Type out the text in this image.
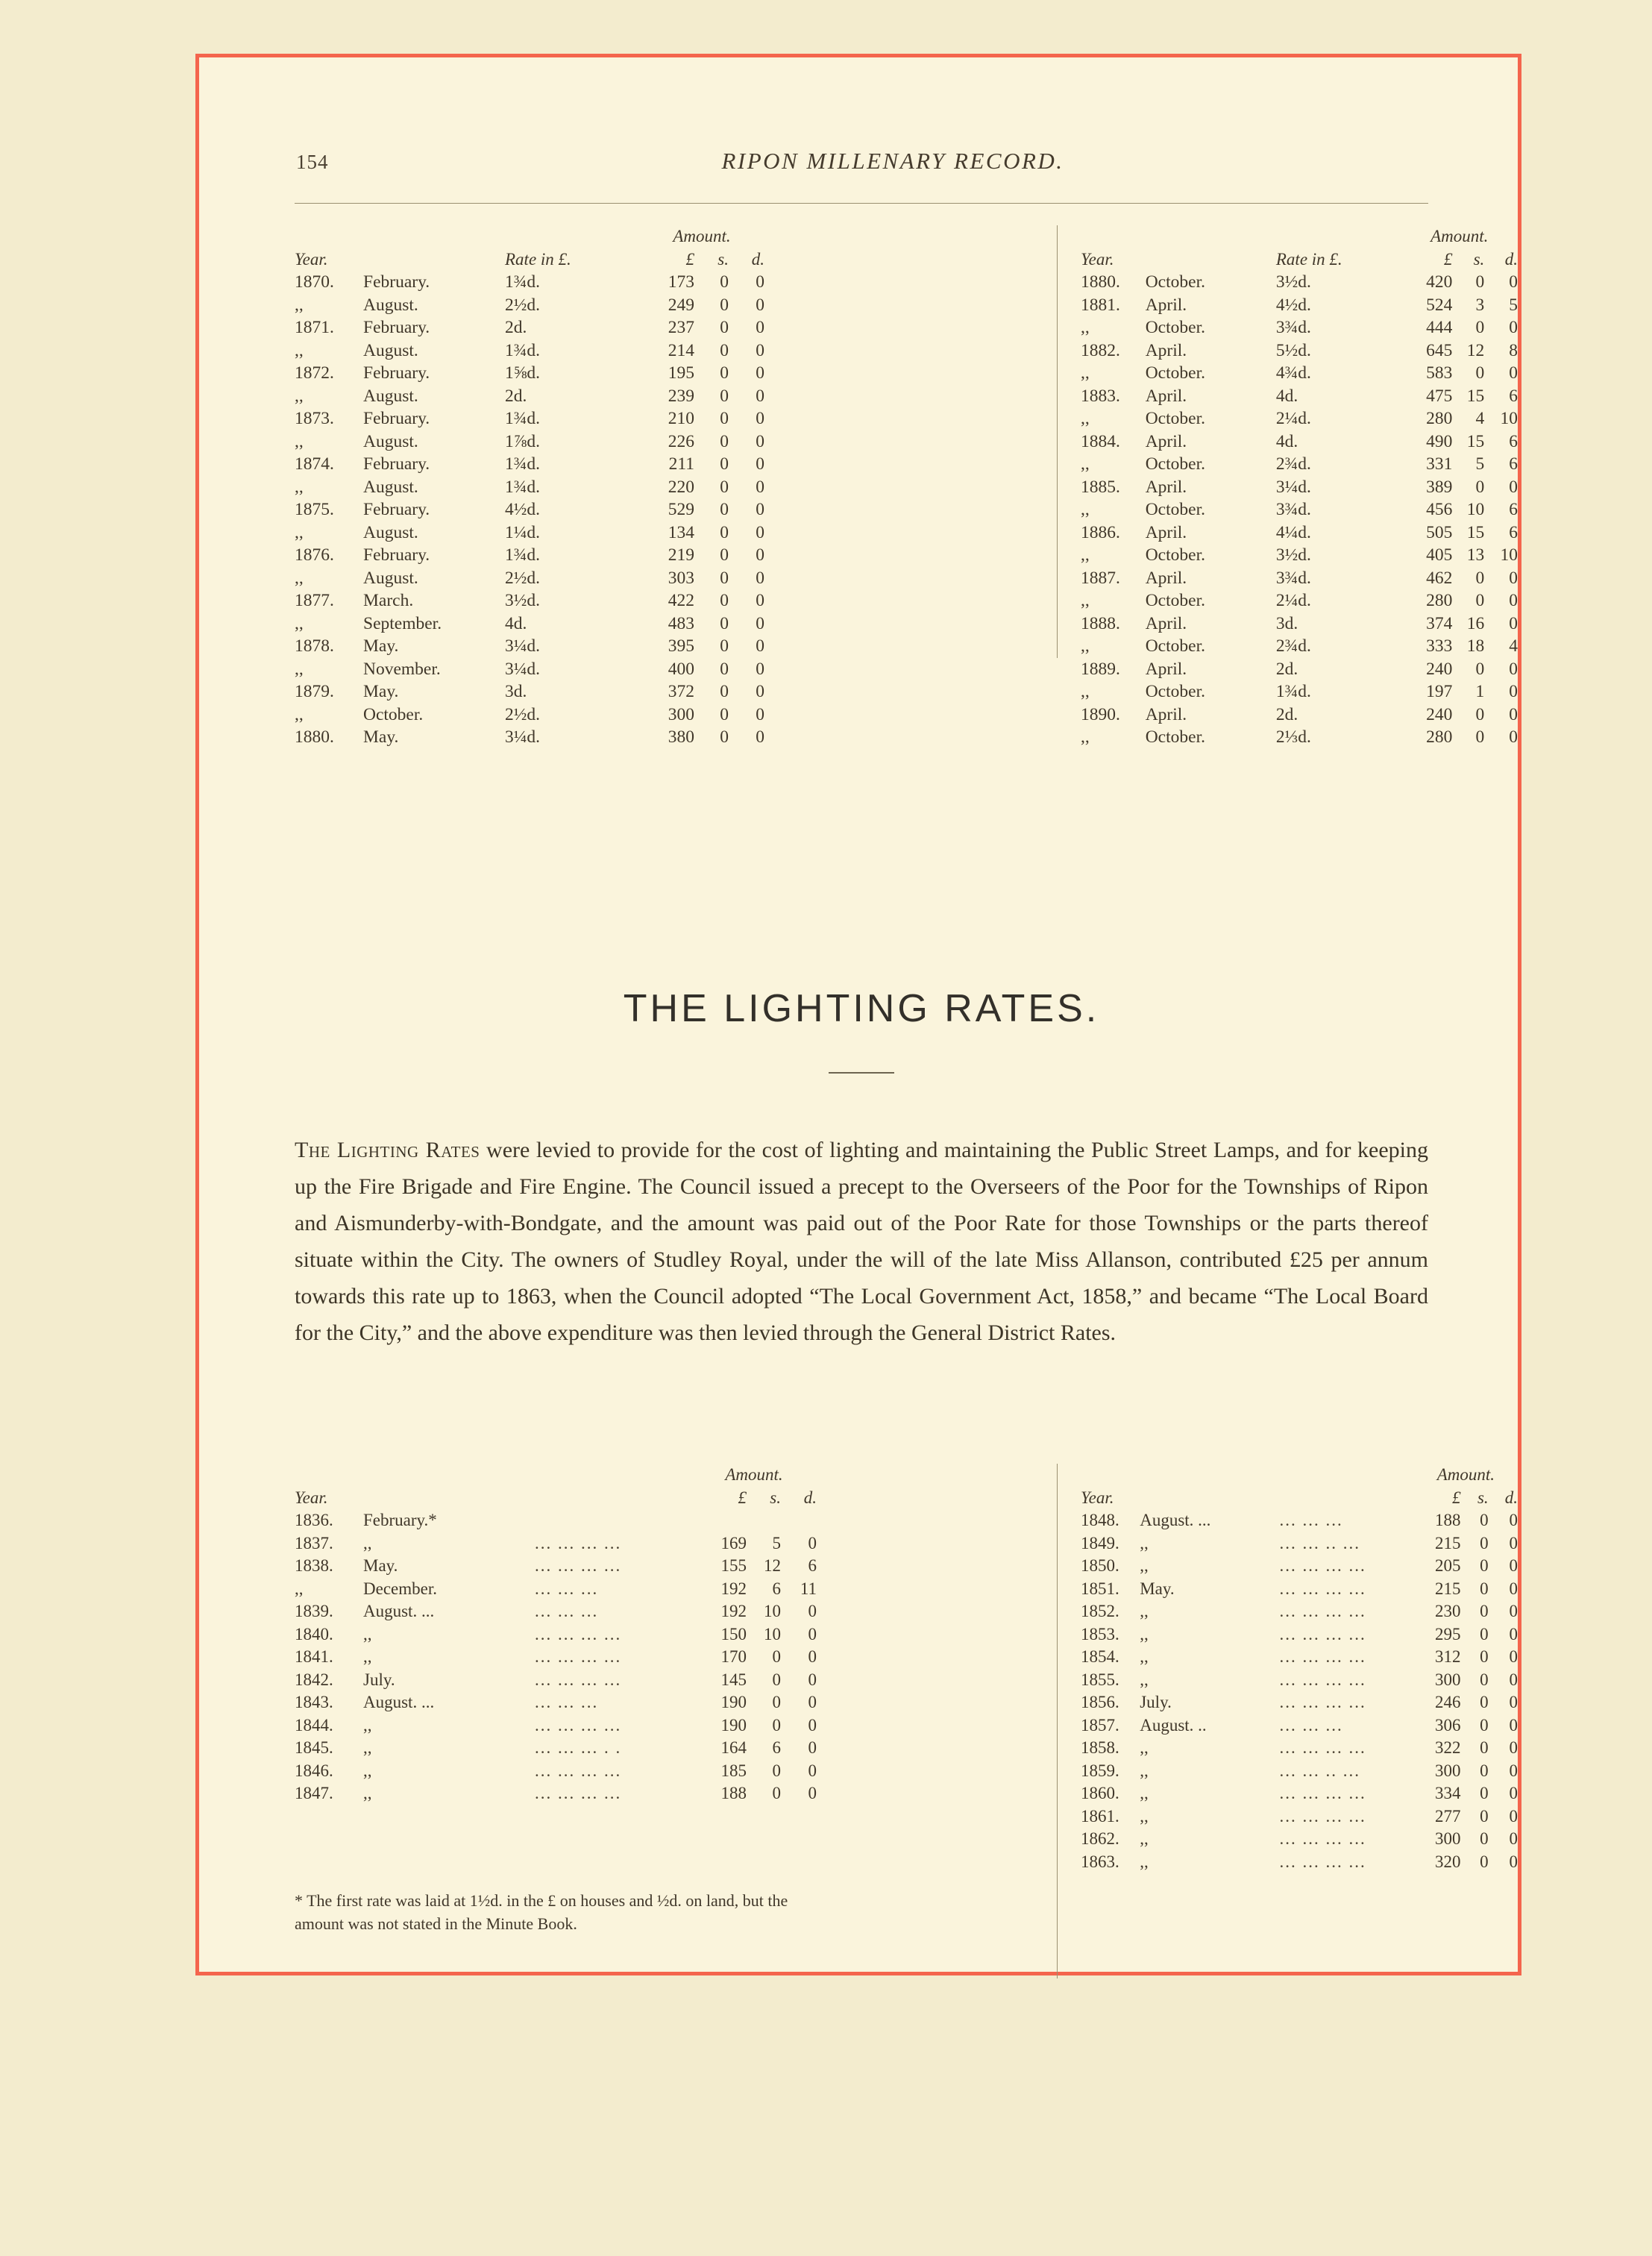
154	RIPON MILLENARY RECORD.
			Amount.		
Year.		Rate in £.	£	s.	d.
1870.	February.	1¾d.	173	0	0
,,	August.	2½d.	249	0	0
1871.	February.	2d.	237	0	0
,,	August.	1¾d.	214	0	0
1872.	February.	1⅝d.	195	0	0
,,	August.	2d.	239	0	0
1873.	February.	1¾d.	210	0	0
,,	August.	1⅞d.	226	0	0
1874.	February.	1¾d.	211	0	0
,,	August.	1¾d.	220	0	0
1875.	February.	4½d.	529	0	0
,,	August.	1¼d.	134	0	0
1876.	February.	1¾d.	219	0	0
,,	August.	2½d.	303	0	0
1877.	March.	3½d.	422	0	0
,,	September.	4d.	483	0	0
1878.	May.	3¼d.	395	0	0
,,	November.	3¼d.	400	0	0
1879.	May.	3d.	372	0	0
,,	October.	2½d.	300	0	0
1880.	May.	3¼d.	380	0	0
			Amount.		
Year.		Rate in £.	£	s.	d.
1880.	October.	3½d.	420	0	0
1881.	April.	4½d.	524	3	5
,,	October.	3¾d.	444	0	0
1882.	April.	5½d.	645	12	8
,,	October.	4¾d.	583	0	0
1883.	April.	4d.	475	15	6
,,	October.	2¼d.	280	4	10
1884.	April.	4d.	490	15	6
,,	October.	2¾d.	331	5	6
1885.	April.	3¼d.	389	0	0
,,	October.	3¾d.	456	10	6
1886.	April.	4¼d.	505	15	6
,,	October.	3½d.	405	13	10
1887.	April.	3¾d.	462	0	0
,,	October.	2¼d.	280	0	0
1888.	April.	3d.	374	16	0
,,	October.	2¾d.	333	18	4
1889.	April.	2d.	240	0	0
,,	October.	1¾d.	197	1	0
1890.	April.	2d.	240	0	0
,,	October.	2⅓d.	280	0	0
THE LIGHTING RATES.
The Lighting Rates were levied to provide for the cost of lighting and maintaining the Public Street Lamps, and for keeping up the Fire Brigade and Fire Engine. The Council issued a precept to the Overseers of the Poor for the Townships of Ripon and Aismunderby-with-Bondgate, and the amount was paid out of the Poor Rate for those Townships or the parts thereof situate within the City. The owners of Studley Royal, under the will of the late Miss Allanson, contributed £25 per annum towards this rate up to 1863, when the Council adopted “The Local Government Act, 1858,” and became “The Local Board for the City,” and the above expenditure was then levied through the General District Rates.
			Amount.		
Year.			£	s.	d.
1836.	February.*				
1837.	,,	... ... ... ...	169	5	0
1838.	May.	... ... ... ...	155	12	6
,,	December.	... ... ...	192	6	11
1839.	August. ...	... ... ...	192	10	0
1840.	,,	... ... ... ...	150	10	0
1841.	,,	... ... ... ...	170	0	0
1842.	July.	... ... ... ...	145	0	0
1843.	August. ...	... ... ...	190	0	0
1844.	,,	... ... ... ...	190	0	0
1845.	,,	... ... ... . .	164	6	0
1846.	,,	... ... ... ...	185	0	0
1847.	,,	... ... ... ...	188	0	0
			Amount.		
Year.			£	s.	d.
1848.	August. ...	... ... ...	188	0	0
1849.	,,	... ... .. ...	215	0	0
1850.	,,	... ... ... ...	205	0	0
1851.	May.	... ... ... ...	215	0	0
1852.	,,	... ... ... ...	230	0	0
1853.	,,	... ... ... ...	295	0	0
1854.	,,	... ... ... ...	312	0	0
1855.	,,	... ... ... ...	300	0	0
1856.	July.	... ... ... ...	246	0	0
1857.	August. ..	... ... ...	306	0	0
1858.	,,	... ... ... ...	322	0	0
1859.	,,	... ... .. ...	300	0	0
1860.	,,	... ... ... ...	334	0	0
1861.	,,	... ... ... ...	277	0	0
1862.	,,	... ... ... ...	300	0	0
1863.	,,	... ... ... ...	320	0	0
* The first rate was laid at 1½d. in the £ on houses and ½d. on land, but the amount was not stated in the Minute Book.
